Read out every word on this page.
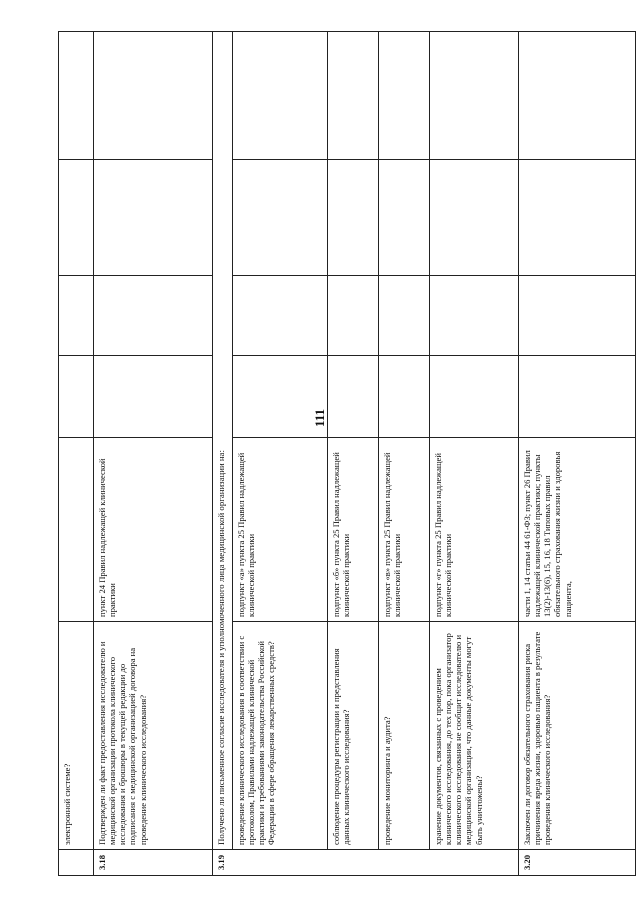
111
	электронной системе?					
3.18	Подтвержден ли факт предоставления исследователю и медицинской организации протокола клинического исследования и брошюры в текущей редакции до подписания с медицинской организацией договора на проведение клинического исследования?	пункт 24 Правил надлежащей клинической практики				
3.19	Получено ли письменное согласие исследователя и уполномоченного лица медицинской организации на:					
	проведение клинического исследования в соответствии с протоколом, Правилами надлежащей клинической практики и требованиями законодательства Российской Федерации в сфере обращения лекарственных средств?	подпункт «а» пункта 25 Правил надлежащей клинической практики				
	соблюдение процедуры регистрации и представления данных клинического исследования?	подпункт «б» пункта 25 Правил надлежащей клинической практики				
	проведение мониторинга и аудита?	подпункт «в» пункта 25 Правил надлежащей клинической практики				
	хранение документов, связанных с проведением клинического исследования, до тех пор, пока организатор клинического исследования не сообщит исследователю и медицинской организации, что данные документы могут быть уничтожены?	подпункт «г» пункта 25 Правил надлежащей клинической практики				
3.20	Заключен ли договор обязательного страхования риска причинения вреда жизни, здоровью пациента в результате проведения клинического исследования?	части 1, 14 статьи 44 61-ФЗ; пункт 26 Правил надлежащей клинической практики; пункты 13(2)-13(6), 15, 16, 18 Типовых правил обязательного страхования жизни и здоровья пациента,				
